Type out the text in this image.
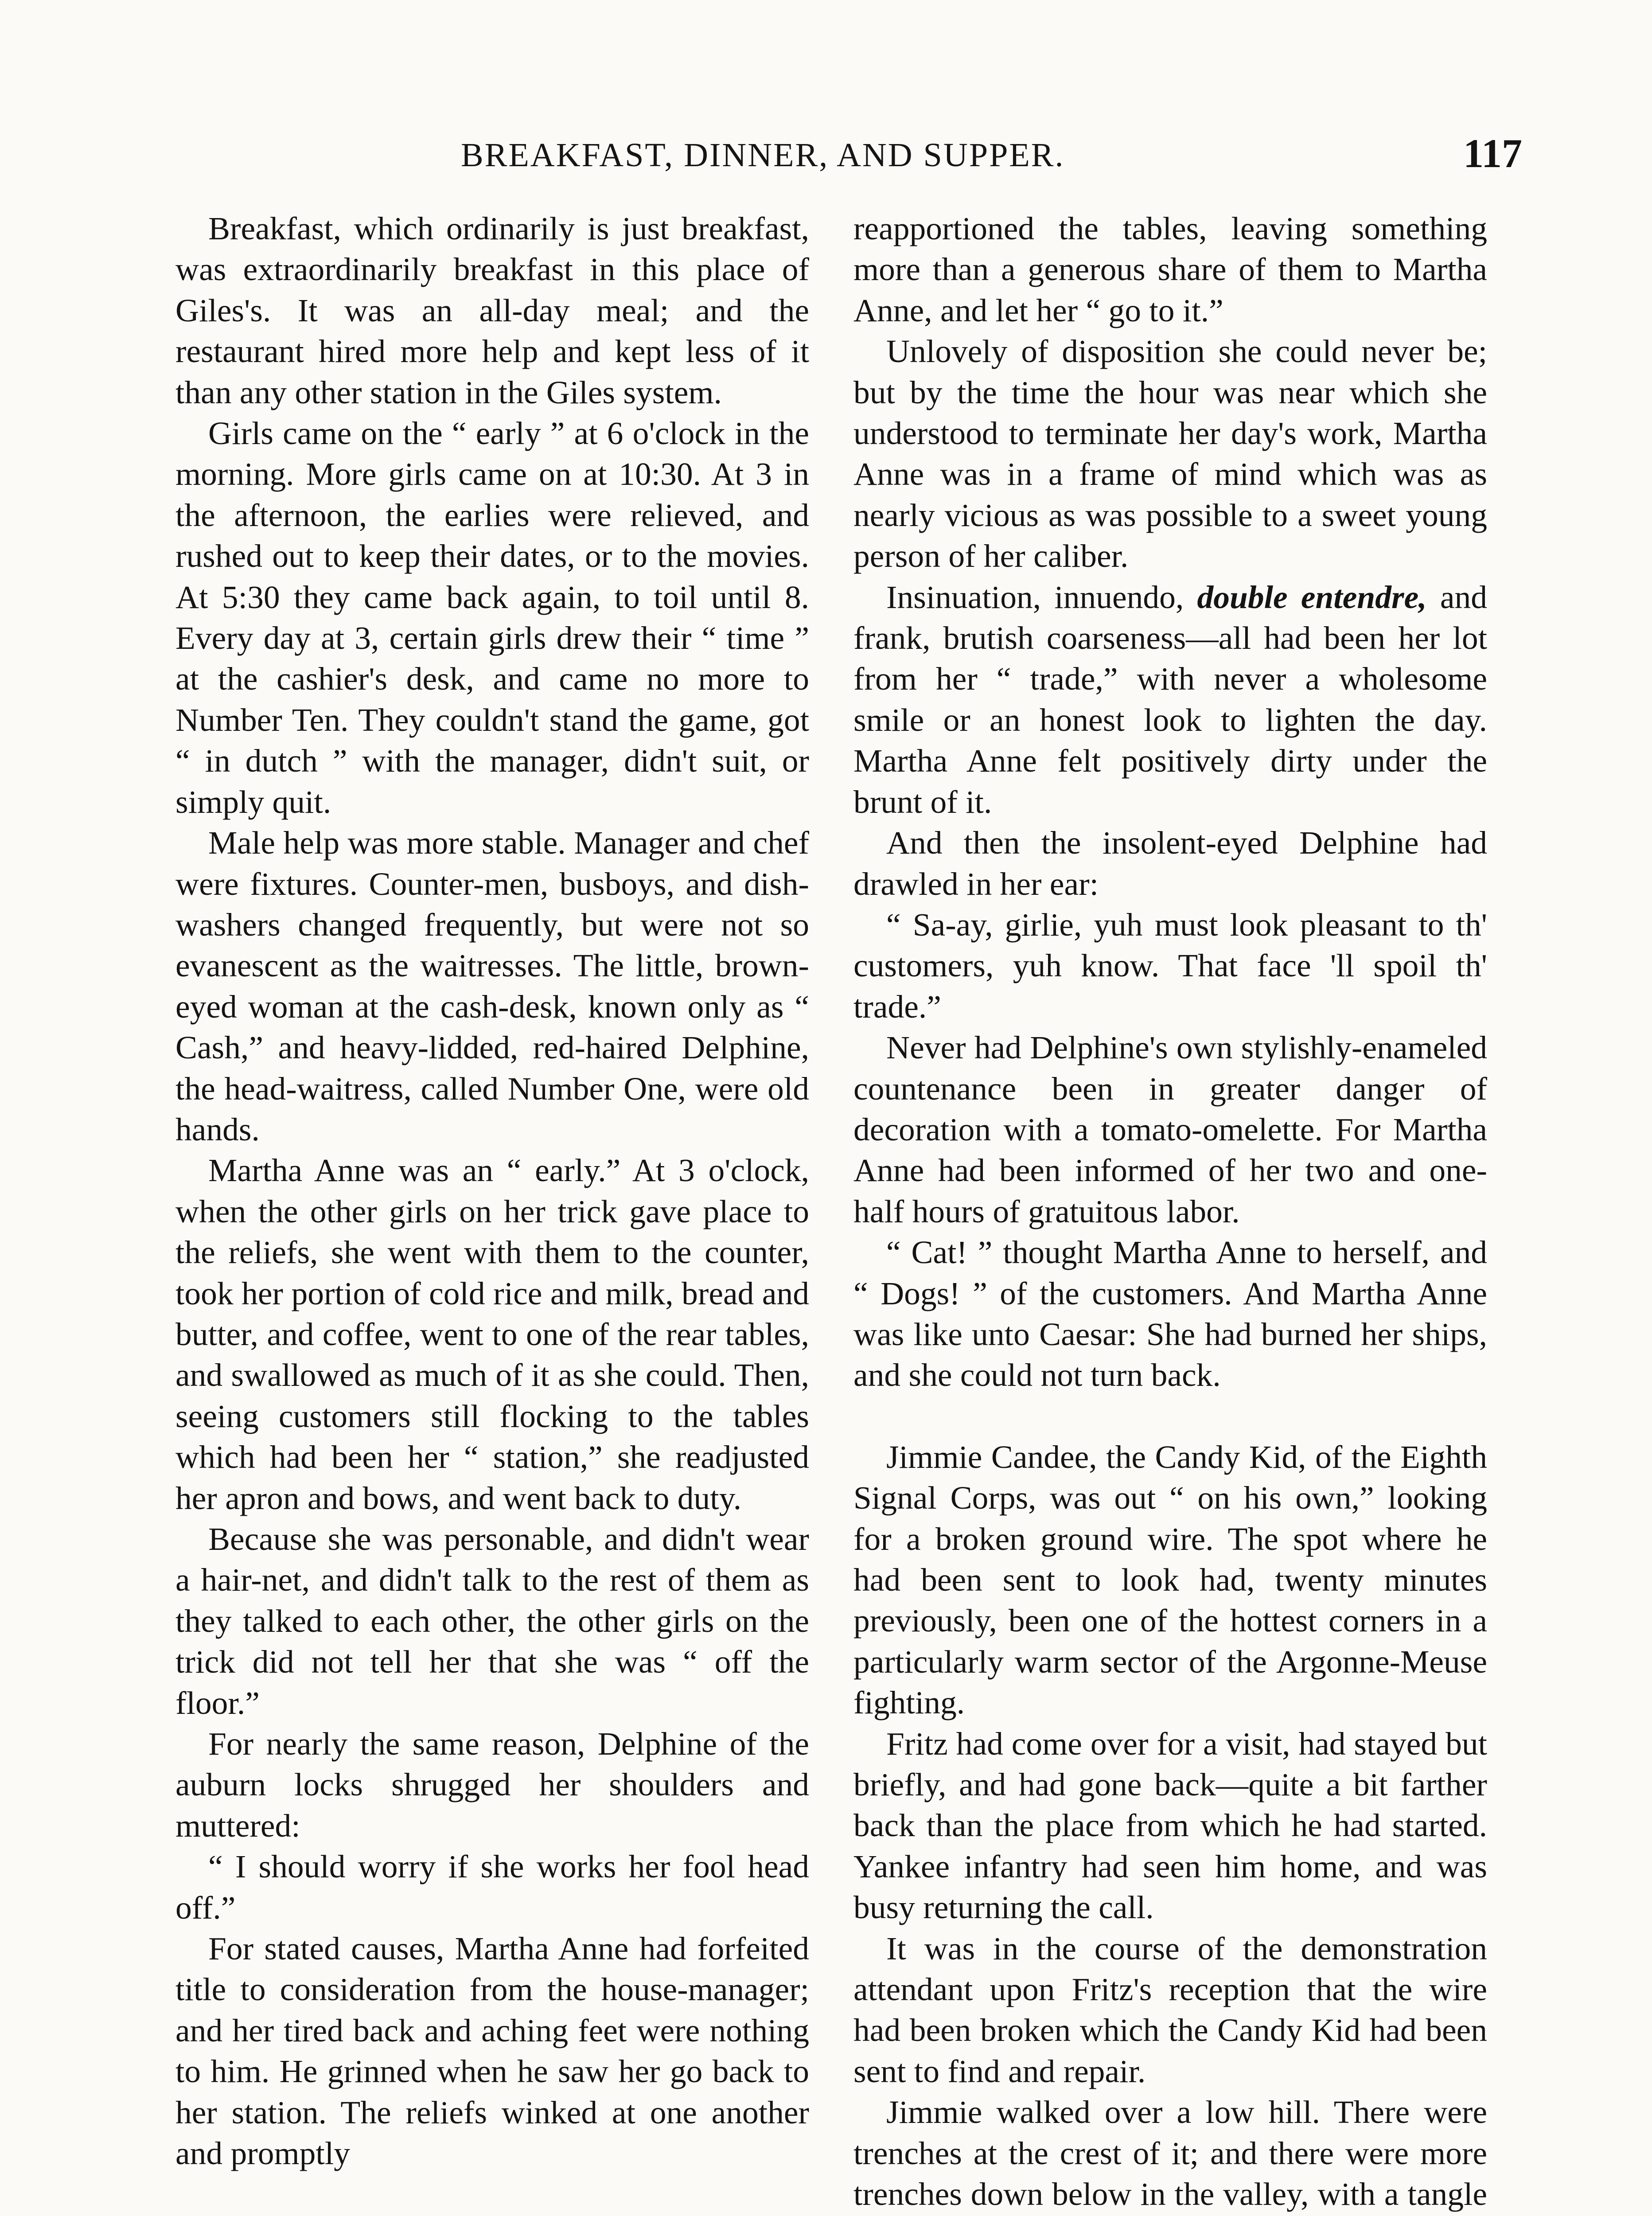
BREAKFAST, DINNER, AND SUPPER.	117

Breakfast, which ordinarily is just breakfast, was extraordinarily breakfast in this place of Giles's. It was an all-day meal; and the restaurant hired more help and kept less of it than any other station in the Giles system.

Girls came on the “ early ” at 6 o'clock in the morning. More girls came on at 10:30. At 3 in the afternoon, the earlies were relieved, and rushed out to keep their dates, or to the movies. At 5:30 they came back again, to toil until 8. Every day at 3, certain girls drew their “ time ” at the cashier's desk, and came no more to Number Ten. They couldn't stand the game, got “ in dutch ” with the manager, didn't suit, or simply quit.

Male help was more stable. Manager and chef were fixtures. Counter-men, busboys, and dish-washers changed frequently, but were not so evanescent as the waitresses. The little, brown-eyed woman at the cash-desk, known only as “ Cash,” and heavy-lidded, red-haired Delphine, the head-waitress, called Number One, were old hands.

Martha Anne was an “ early.” At 3 o'clock, when the other girls on her trick gave place to the reliefs, she went with them to the counter, took her portion of cold rice and milk, bread and butter, and coffee, went to one of the rear tables, and swallowed as much of it as she could. Then, seeing customers still flocking to the tables which had been her “ station,” she readjusted her apron and bows, and went back to duty.

Because she was personable, and didn't wear a hair-net, and didn't talk to the rest of them as they talked to each other, the other girls on the trick did not tell her that she was “ off the floor.”

For nearly the same reason, Delphine of the auburn locks shrugged her shoulders and muttered:

“ I should worry if she works her fool head off.”

For stated causes, Martha Anne had forfeited title to consideration from the house-manager; and her tired back and aching feet were nothing to him. He grinned when he saw her go back to her station. The reliefs winked at one another and promptly

reapportioned the tables, leaving something more than a generous share of them to Martha Anne, and let her “ go to it.”

Unlovely of disposition she could never be; but by the time the hour was near which she understood to terminate her day's work, Martha Anne was in a frame of mind which was as nearly vicious as was possible to a sweet young person of her caliber.

Insinuation, innuendo, double entendre, and frank, brutish coarseness—all had been her lot from her “ trade,” with never a wholesome smile or an honest look to lighten the day. Martha Anne felt positively dirty under the brunt of it.

And then the insolent-eyed Delphine had drawled in her ear:

“ Sa-ay, girlie, yuh must look pleasant to th' customers, yuh know. That face 'll spoil th' trade.”

Never had Delphine's own stylishly-enameled countenance been in greater danger of decoration with a tomato-omelette. For Martha Anne had been informed of her two and one-half hours of gratuitous labor.

“ Cat! ” thought Martha Anne to herself, and “ Dogs! ” of the customers. And Martha Anne was like unto Caesar: She had burned her ships, and she could not turn back.

Jimmie Candee, the Candy Kid, of the Eighth Signal Corps, was out “ on his own,” looking for a broken ground wire. The spot where he had been sent to look had, twenty minutes previously, been one of the hottest corners in a particularly warm sector of the Argonne-Meuse fighting.

Fritz had come over for a visit, had stayed but briefly, and had gone back—quite a bit farther back than the place from which he had started. Yankee infantry had seen him home, and was busy returning the call.

It was in the course of the demonstration attendant upon Fritz's reception that the wire had been broken which the Candy Kid had been sent to find and repair.

Jimmie walked over a low hill. There were trenches at the crest of it; and there were more trenches down below in the valley, with a tangle
